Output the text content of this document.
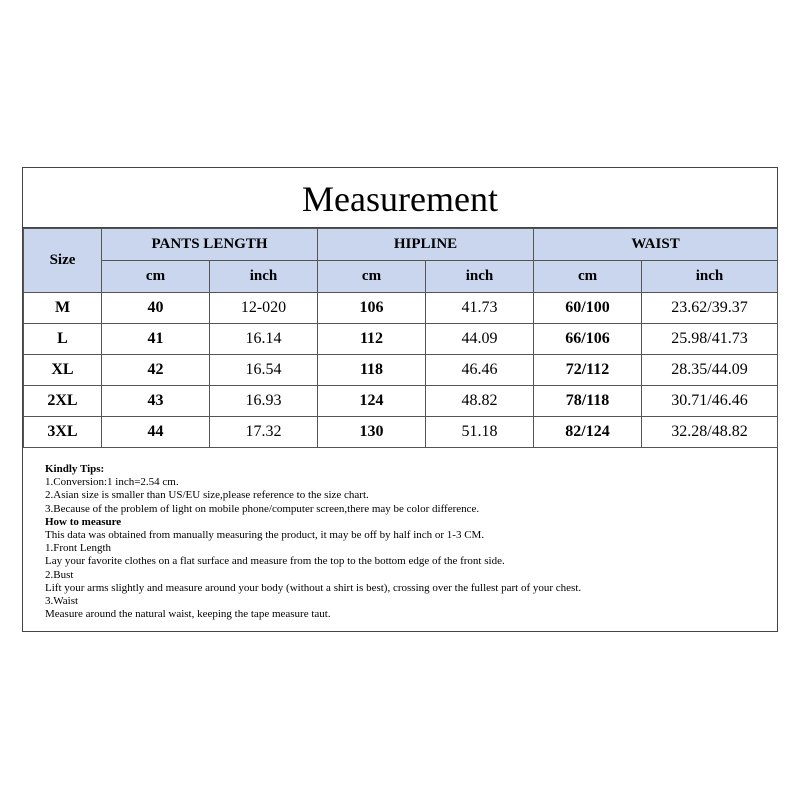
Measurement
Size	PANTS LENGTH		HIPLINE		WAIST	
	cm	inch	cm	inch	cm	inch
M	40	12-020	106	41.73	60/100	23.62/39.37
L	41	16.14	112	44.09	66/106	25.98/41.73
XL	42	16.54	118	46.46	72/112	28.35/44.09
2XL	43	16.93	124	48.82	78/118	30.71/46.46
3XL	44	17.32	130	51.18	82/124	32.28/48.82
Kindly Tips:
1.Conversion:1 inch=2.54 cm.
2.Asian size is smaller than US/EU size,please reference to the size chart.
3.Because of the problem of light on mobile phone/computer screen,there may be color difference.
How to measure
This data was obtained from manually measuring the product, it may be off by half inch or 1-3 CM.
1.Front Length
Lay your favorite clothes on a flat surface and measure from the top to the bottom edge of the front side.
2.Bust
Lift your arms slightly and measure around your body (without a shirt is best), crossing over the fullest part of your chest.
3.Waist
Measure around the natural waist, keeping the tape measure taut.
